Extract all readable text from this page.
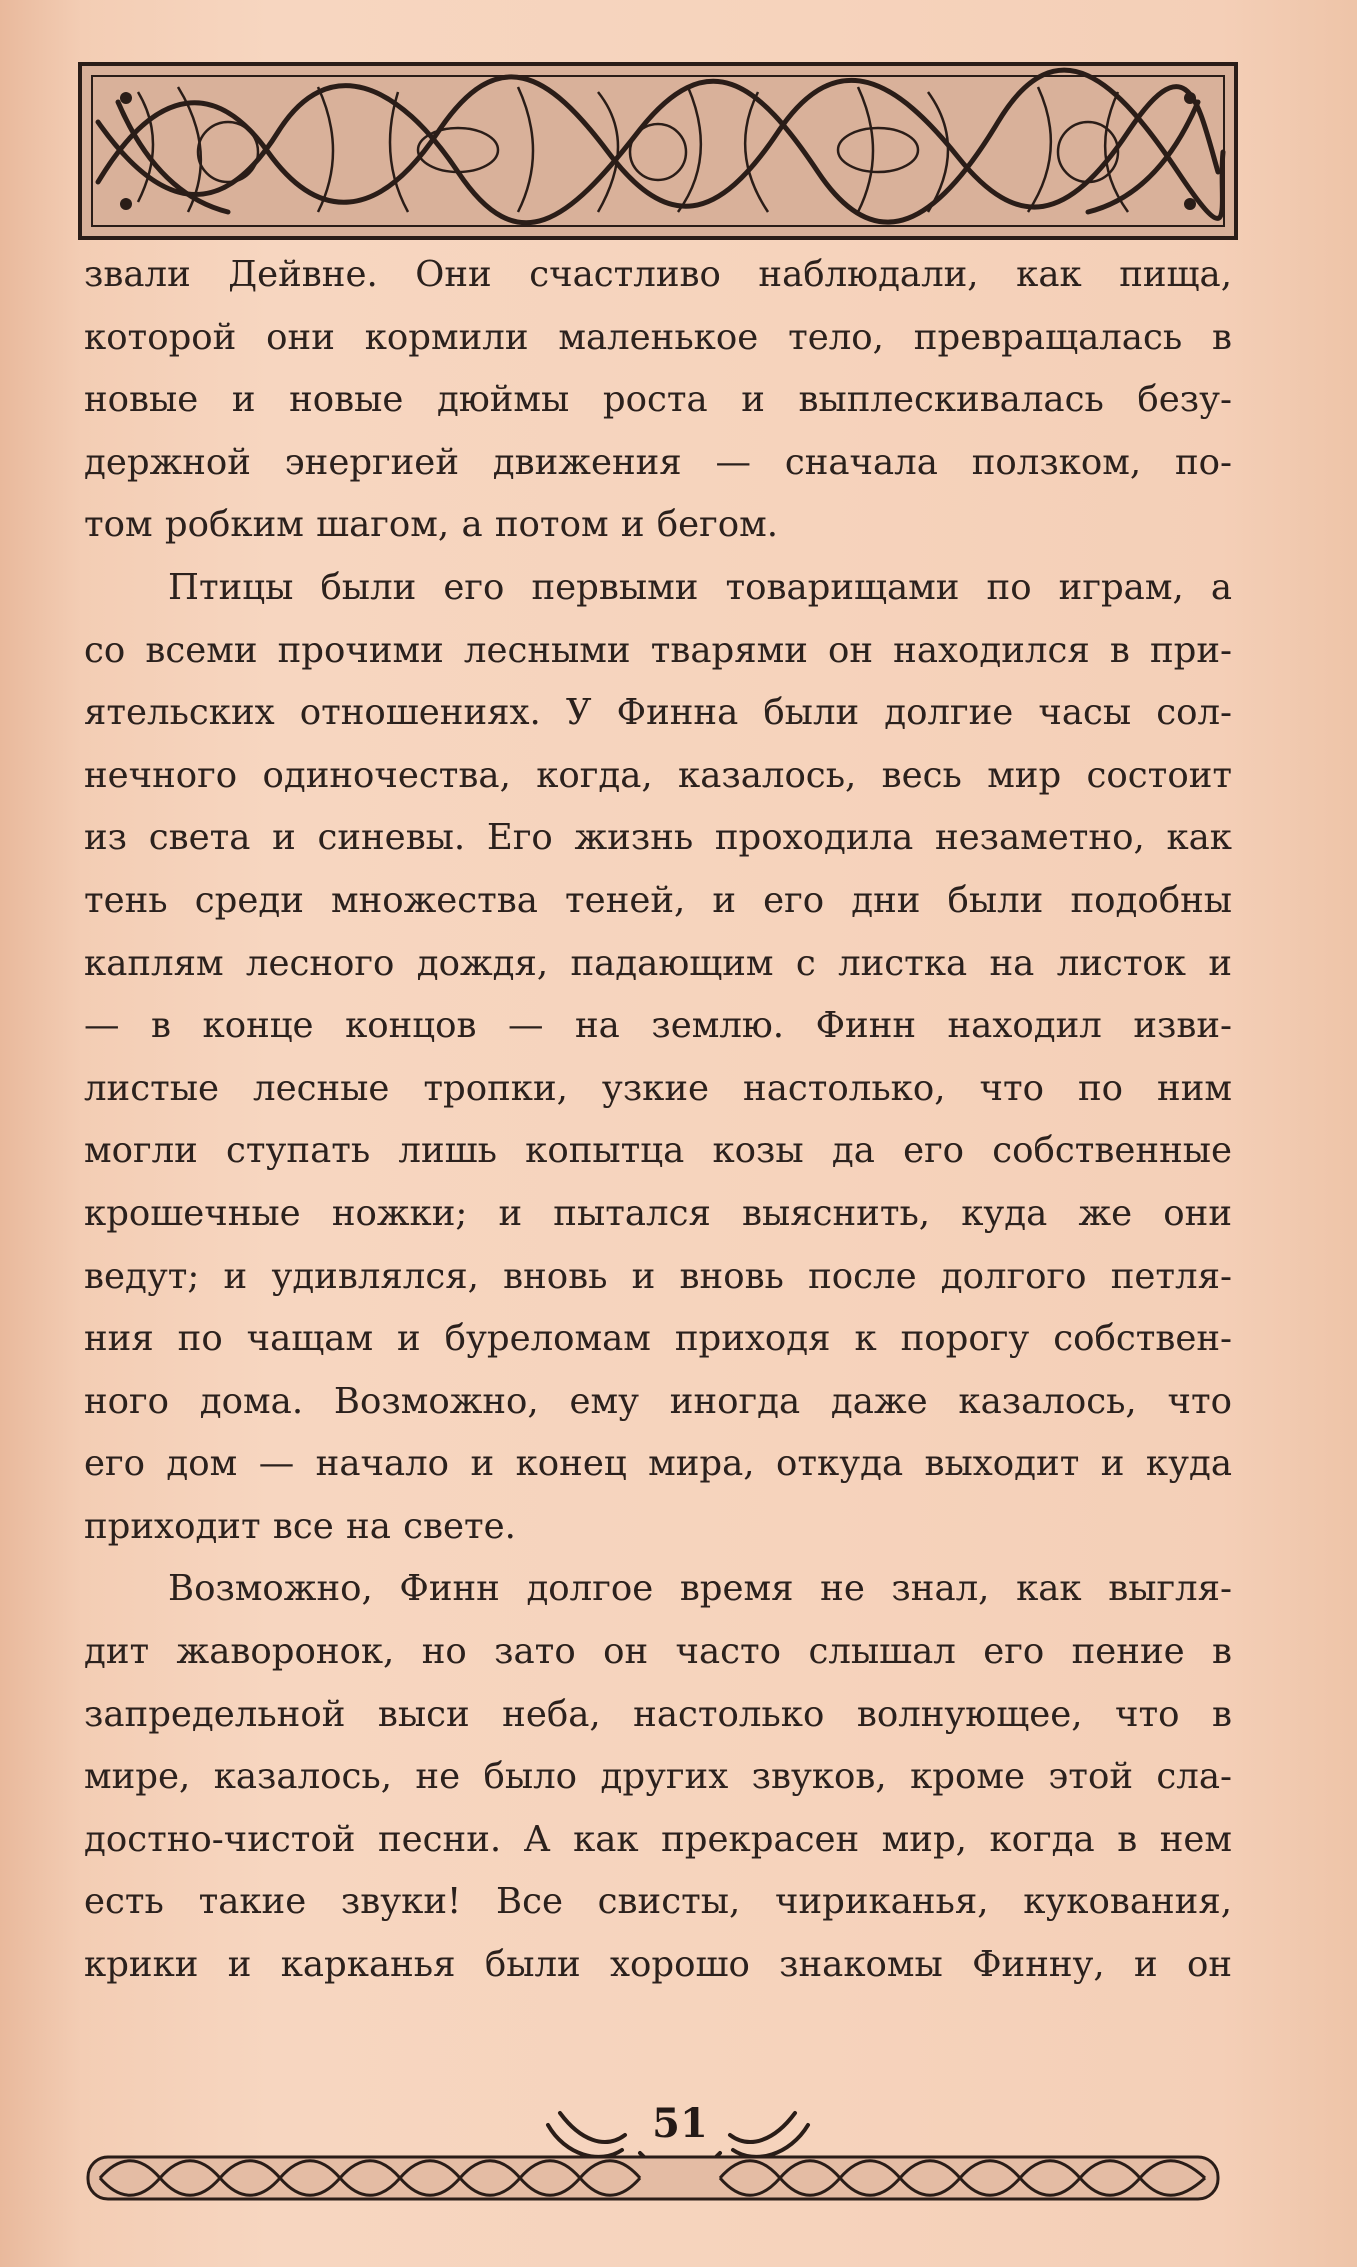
звали Дейвне. Они счастливо наблюдали, как пища,
которой они кормили маленькое тело, превращалась в
новые и новые дюймы роста и выплескивалась безу-
держной энергией движения — сначала ползком, по-
том робким шагом, а потом и бегом.
Птицы были его первыми товарищами по играм, а
со всеми прочими лесными тварями он находился в при-
ятельских отношениях. У Финна были долгие часы сол-
нечного одиночества, когда, казалось, весь мир состоит
из света и синевы. Его жизнь проходила незаметно, как
тень среди множества теней, и его дни были подобны
каплям лесного дождя, падающим с листка на листок и
— в конце концов — на землю. Финн находил изви-
листые лесные тропки, узкие настолько, что по ним
могли ступать лишь копытца козы да его собственные
крошечные ножки; и пытался выяснить, куда же они
ведут; и удивлялся, вновь и вновь после долгого петля-
ния по чащам и буреломам приходя к порогу собствен-
ного дома. Возможно, ему иногда даже казалось, что
его дом — начало и конец мира, откуда выходит и куда
приходит все на свете.
Возможно, Финн долгое время не знал, как выгля-
дит жаворонок, но зато он часто слышал его пение в
запредельной выси неба, настолько волнующее, что в
мире, казалось, не было других звуков, кроме этой сла-
достно-чистой песни. А как прекрасен мир, когда в нем
есть такие звуки! Все свисты, чириканья, кукования,
крики и карканья были хорошо знакомы Финну, и он
51
